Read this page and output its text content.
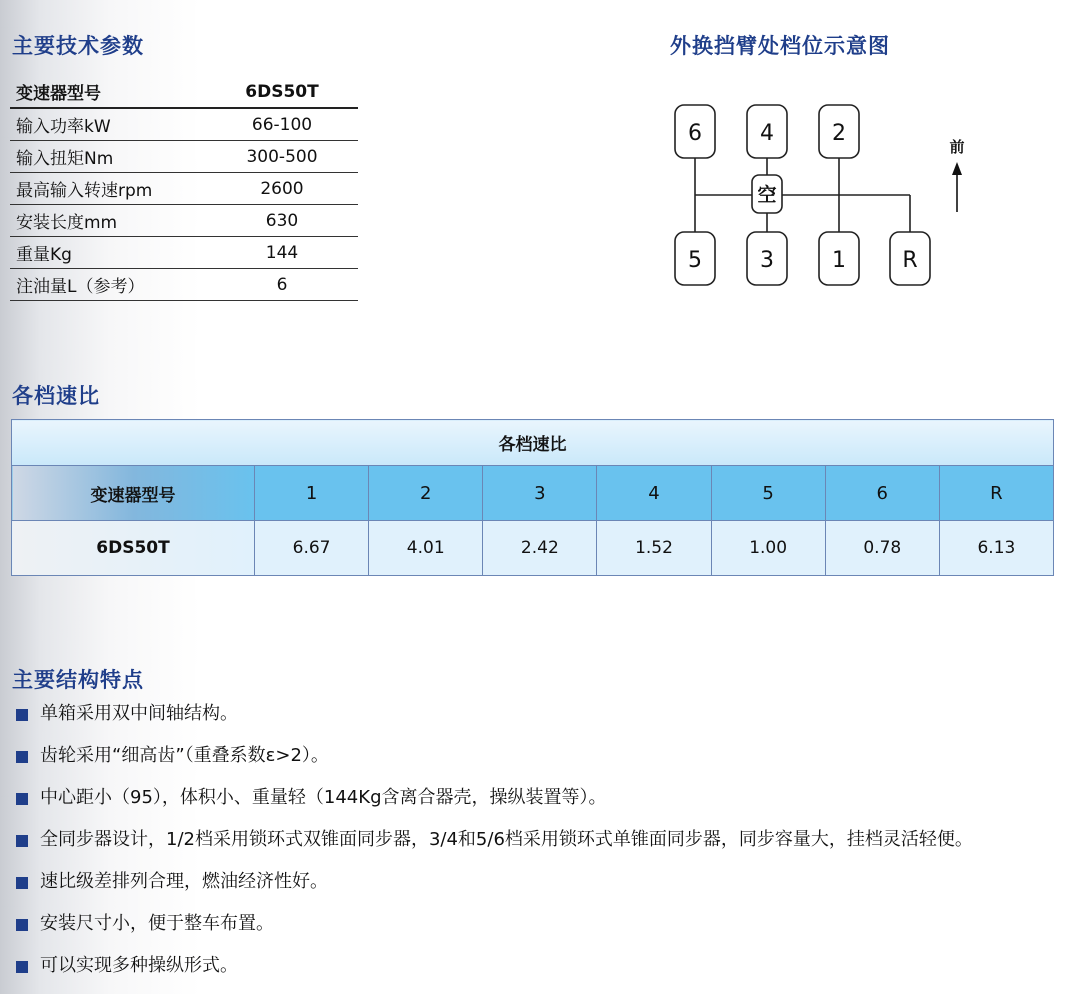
主要技术参数
变速器型号	6DS50T
输入功率kW	66-100
输入扭矩Nm	300-500
最高输入转速rpm	2600
安装长度mm	630
重量Kg	144
注油量L（参考）	6
外换挡臂处档位示意图
6	4	2
空
5	3	1	R
前
各档速比
各档速比							
变速器型号	1	2	3	4	5	6	R
6DS50T	6.67	4.01	2.42	1.52	1.00	0.78	6.13
主要结构特点
单箱采用双中间轴结构。
齿轮采用“细高齿”（重叠系数ε>2）。
中心距小（95），体积小、重量轻（144Kg含离合器壳，操纵装置等）。
全同步器设计，1/2档采用锁环式双锥面同步器，3/4和5/6档采用锁环式单锥面同步器，同步容量大，挂档灵活轻便。
速比级差排列合理，燃油经济性好。
安装尺寸小，便于整车布置。
可以实现多种操纵形式。
